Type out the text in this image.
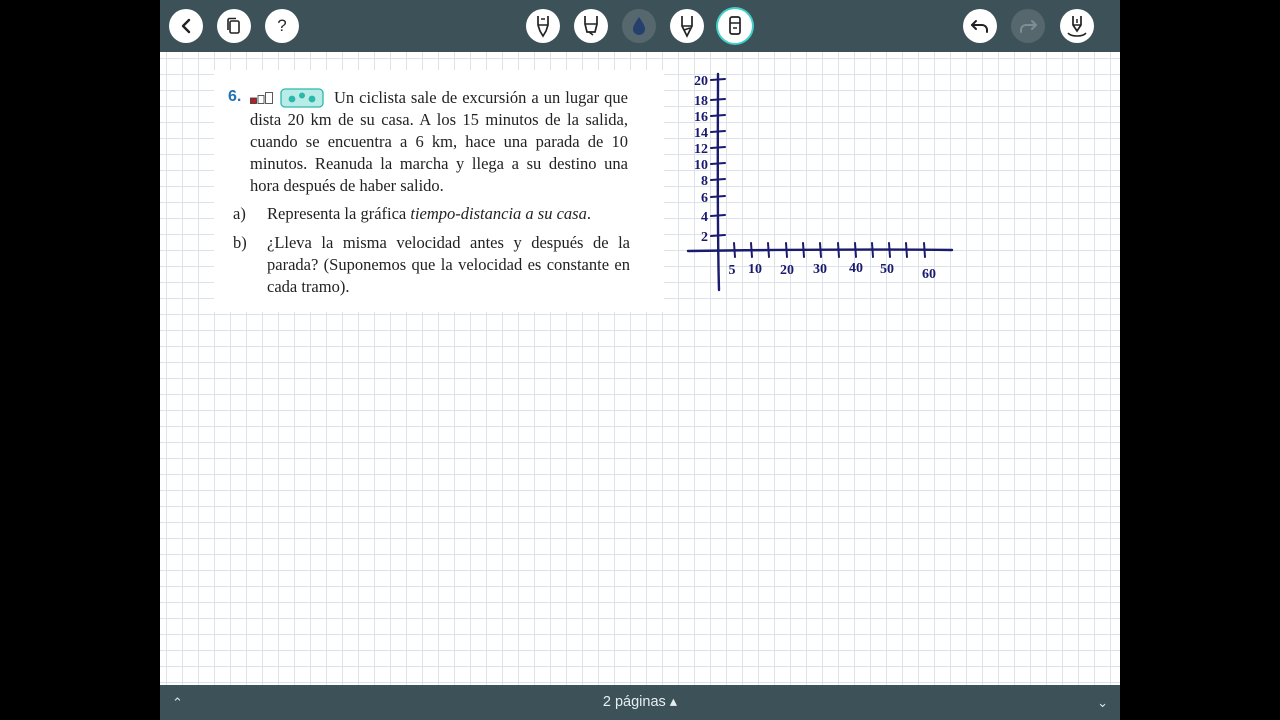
?
6.	Un ciclista sale de excursión a un lugar que dista 20 km de su casa. A los 15 minutos de la salida, cuando se encuentra a 6 km, hace una parada de 10 minutos. Reanuda la marcha y llega a su destino una hora después de haber salido.
a) Representa la gráfica tiempo-distancia a su casa.
b) ¿Lleva la misma velocidad antes y después de la parada? (Suponemos que la velocidad es constante en cada tramo).
2
4
6
8
10
12
14
16
18
20
5 10 20 30 40 50 60
⌃	2 páginas ▴	⌄
